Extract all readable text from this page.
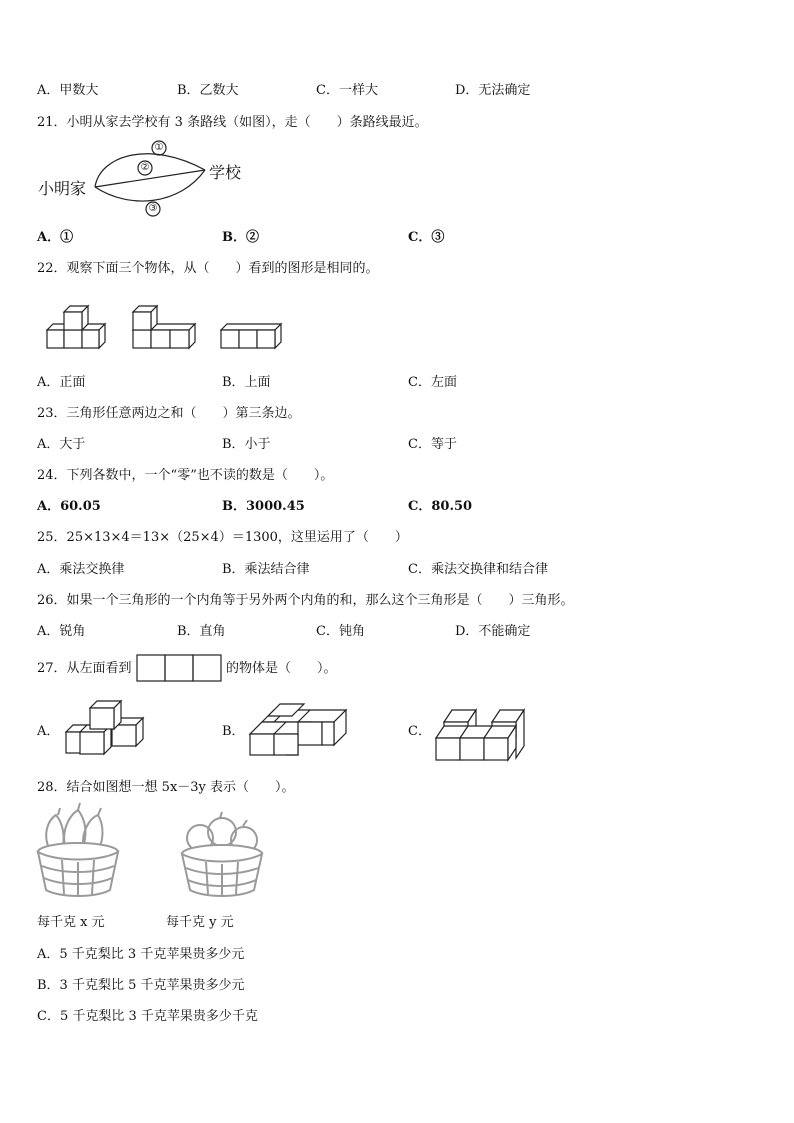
A．甲数大	B．乙数大	C．一样大	D．无法确定
21．小明从家去学校有 3 条路线（如图），走（　　）条路线最近。
小明家
学校
①
②
③
A．①	B．②	C．③
22．观察下面三个物体，从（　　）看到的图形是相同的。
A．正面	B．上面	C．左面
23．三角形任意两边之和（　　）第三条边。
A．大于	B．小于	C．等于
24．下列各数中，一个“零”也不读的数是（　　）。
A．60.05	B．3000.45	C．80.50
25．25×13×4＝13×（25×4）＝1300，这里运用了（　　）
A．乘法交换律	B．乘法结合律	C．乘法交换律和结合律
26．如果一个三角形的一个内角等于另外两个内角的和，那么这个三角形是（　　）三角形。
A．锐角	B．直角	C．钝角	D．不能确定
27．从左面看到	的物体是（　　）。
A．	B．	C．
28．结合如图想一想 5x－3y 表示（　　）。
每千克 x 元	每千克 y 元
A．5 千克梨比 3 千克苹果贵多少元
B．3 千克梨比 5 千克苹果贵多少元
C．5 千克梨比 3 千克苹果贵多少千克
